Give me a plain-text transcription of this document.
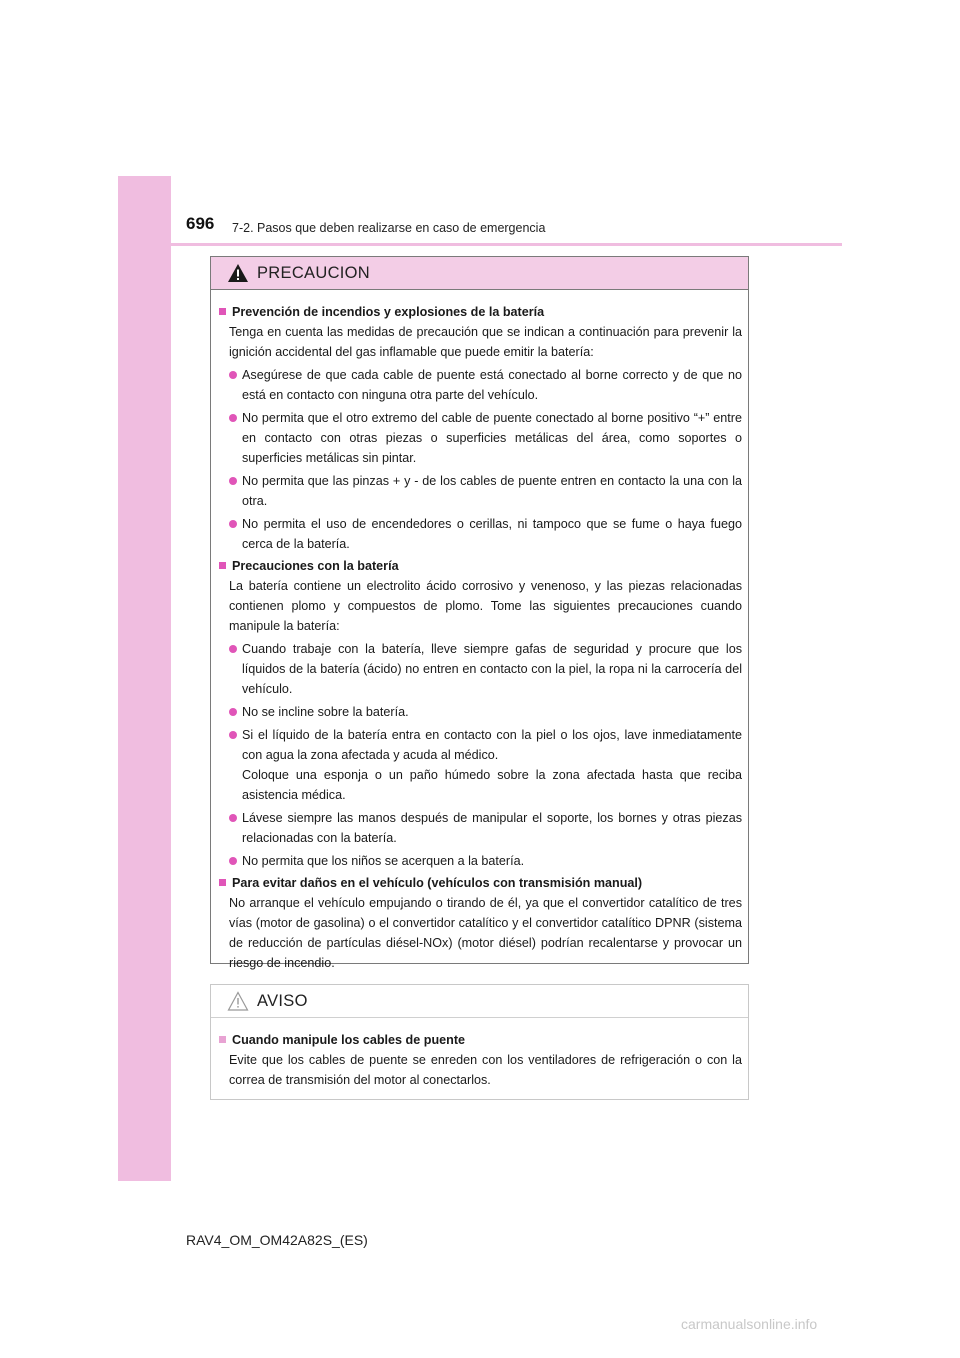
696 7-2. Pasos que deben realizarse en caso de emergencia
PRECAUCION
Prevención de incendios y explosiones de la batería
Tenga en cuenta las medidas de precaución que se indican a continuación para prevenir la ignición accidental del gas inflamable que puede emitir la batería:
Asegúrese de que cada cable de puente está conectado al borne correcto y de que no está en contacto con ninguna otra parte del vehículo.
No permita que el otro extremo del cable de puente conectado al borne positivo “+” entre en contacto con otras piezas o superficies metálicas del área, como soportes o superficies metálicas sin pintar.
No permita que las pinzas + y - de los cables de puente entren en contacto la una con la otra.
No permita el uso de encendedores o cerillas, ni tampoco que se fume o haya fuego cerca de la batería.
Precauciones con la batería
La batería contiene un electrolito ácido corrosivo y venenoso, y las piezas relacionadas contienen plomo y compuestos de plomo. Tome las siguientes precauciones cuando manipule la batería:
Cuando trabaje con la batería, lleve siempre gafas de seguridad y procure que los líquidos de la batería (ácido) no entren en contacto con la piel, la ropa ni la carrocería del vehículo.
No se incline sobre la batería.
Si el líquido de la batería entra en contacto con la piel o los ojos, lave inmediatamente con agua la zona afectada y acuda al médico.
Coloque una esponja o un paño húmedo sobre la zona afectada hasta que reciba asistencia médica.
Lávese siempre las manos después de manipular el soporte, los bornes y otras piezas relacionadas con la batería.
No permita que los niños se acerquen a la batería.
Para evitar daños en el vehículo (vehículos con transmisión manual)
No arranque el vehículo empujando o tirando de él, ya que el convertidor catalítico de tres vías (motor de gasolina) o el convertidor catalítico y el convertidor catalítico DPNR (sistema de reducción de partículas diésel-NOx) (motor diésel) podrían recalentarse y provocar un riesgo de incendio.
AVISO
Cuando manipule los cables de puente
Evite que los cables de puente se enreden con los ventiladores de refrigeración o con la correa de transmisión del motor al conectarlos.
RAV4_OM_OM42A82S_(ES)
carmanualsonline.info
